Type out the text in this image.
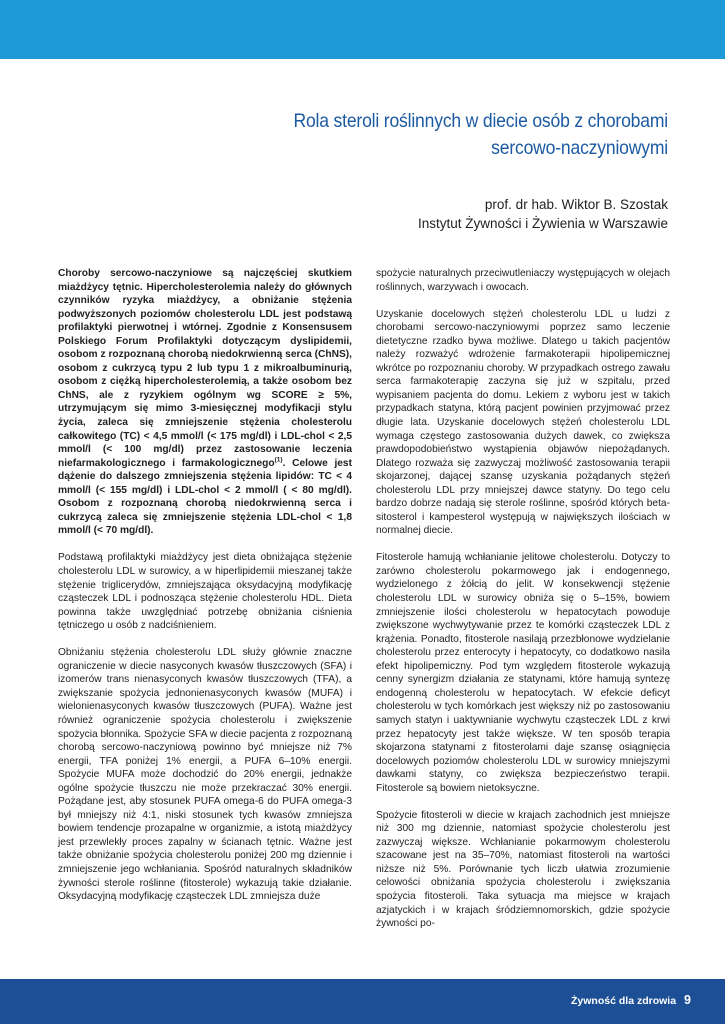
Rola steroli roślinnych w diecie osób z chorobami
sercowo-naczyniowymi
prof. dr hab. Wiktor B. Szostak
Instytut Żywności i Żywienia w Warszawie

Choroby sercowo-naczyniowe są najczęściej skutkiem miażdżycy tętnic. Hipercholesterolemia należy do głównych czynników ryzyka miażdżycy, a obniżanie stężenia podwyższonych poziomów cholesterolu LDL jest podstawą profilaktyki pierwotnej i wtórnej. Zgodnie z Konsensusem Polskiego Forum Profilaktyki dotyczącym dyslipidemii, osobom z rozpoznaną chorobą niedokrwienną serca (ChNS), osobom z cukrzycą typu 2 lub typu 1 z mikroalbuminurią, osobom z ciężką hipercholesterolemią, a także osobom bez ChNS, ale z ryzykiem ogólnym wg SCORE ≥ 5%, utrzymującym się mimo 3-miesięcznej modyfikacji stylu życia, zaleca się zmniejszenie stężenia cholesterolu całkowitego (TC) < 4,5 mmol/l (< 175 mg/dl) i LDL-chol < 2,5 mmol/l (< 100 mg/dl) przez zastosowanie leczenia niefarmakologicznego i farmakologicznego$^{(1)}$. Celowe jest dążenie do dalszego zmniejszenia stężenia lipidów: TC < 4 mmol/l (< 155 mg/dl) i LDL-chol < 2 mmol/l ( < 80 mg/dl). Osobom z rozpoznaną chorobą niedokrwienną serca i cukrzycą zaleca się zmniejszenie stężenia LDL-chol < 1,8 mmol/l (< 70 mg/dl).

Podstawą profilaktyki miażdżycy jest dieta obniżająca stężenie cholesterolu LDL w surowicy, a w hiperlipidemii mieszanej także stężenie triglicerydów, zmniejszająca oksydacyjną modyfikację cząsteczek LDL i podnosząca stężenie cholesterolu HDL. Dieta powinna także uwzględniać potrzebę obniżania ciśnienia tętniczego u osób z nadciśnieniem.

Obniżaniu stężenia cholesterolu LDL służy głównie znaczne ograniczenie w diecie nasyconych kwasów tłuszczowych (SFA) i izomerów trans nienasyconych kwasów tłuszczowych (TFA), a zwiększanie spożycia jednonienasyconych kwasów (MUFA) i wielonienasyconych kwasów tłuszczowych (PUFA). Ważne jest również ograniczenie spożycia cholesterolu i zwiększenie spożycia błonnika. Spożycie SFA w diecie pacjenta z rozpoznaną chorobą sercowo-naczyniową powinno być mniejsze niż 7% energii, TFA poniżej 1% energii, a PUFA 6–10% energii. Spożycie MUFA może dochodzić do 20% energii, jednakże ogólne spożycie tłuszczu nie może przekraczać 30% energii. Pożądane jest, aby stosunek PUFA omega-6 do PUFA omega-3 był mniejszy niż 4:1, niski stosunek tych kwasów zmniejsza bowiem tendencje prozapalne w organizmie, a istotą miażdżycy jest przewlekły proces zapalny w ścianach tętnic. Ważne jest także obniżanie spożycia cholesterolu poniżej 200 mg dziennie i zmniejszenie jego wchłaniania. Spośród naturalnych składników żywności sterole roślinne (fitosterole) wykazują takie działanie. Oksydacyjną modyfikację cząsteczek LDL zmniejsza duże

spożycie naturalnych przeciwutleniaczy występujących w olejach roślinnych, warzywach i owocach.

Uzyskanie docelowych stężeń cholesterolu LDL u ludzi z chorobami sercowo-naczyniowymi poprzez samo leczenie dietetyczne rzadko bywa możliwe. Dlatego u takich pacjentów należy rozważyć wdrożenie farmakoterapii hipolipemicznej wkrótce po rozpoznaniu choroby. W przypadkach ostrego zawału serca farmakoterapię zaczyna się już w szpitalu, przed wypisaniem pacjenta do domu. Lekiem z wyboru jest w takich przypadkach statyna, którą pacjent powinien przyjmować przez długie lata. Uzyskanie docelowych stężeń cholesterolu LDL wymaga częstego zastosowania dużych dawek, co zwiększa prawdopodobieństwo wystąpienia objawów niepożądanych. Dlatego rozważa się zazwyczaj możliwość zastosowania terapii skojarzonej, dającej szansę uzyskania pożądanych stężeń cholesterolu LDL przy mniejszej dawce statyny. Do tego celu bardzo dobrze nadają się sterole roślinne, spośród których beta-sitosterol i kampesterol występują w największych ilościach w normalnej diecie.

Fitosterole hamują wchłanianie jelitowe cholesterolu. Dotyczy to zarówno cholesterolu pokarmowego jak i endogennego, wydzielonego z żółcią do jelit. W konsekwencji stężenie cholesterolu LDL w surowicy obniża się o 5–15%, bowiem zmniejszenie ilości cholesterolu w hepatocytach powoduje zwiększone wychwytywanie przez te komórki cząsteczek LDL z krążenia. Ponadto, fitosterole nasilają przezbłonowe wydzielanie cholesterolu przez enterocyty i hepatocyty, co dodatkowo nasila efekt hipolipemiczny. Pod tym względem fitosterole wykazują cenny synergizm działania ze statynami, które hamują syntezę endogenną cholesterolu w hepatocytach. W efekcie deficyt cholesterolu w tych komórkach jest większy niż po zastosowaniu samych statyn i uaktywnianie wychwytu cząsteczek LDL z krwi przez hepatocyty jest także większe. W ten sposób terapia skojarzona statynami z fitosterolami daje szansę osiągnięcia docelowych poziomów cholesterolu LDL w surowicy mniejszymi dawkami statyny, co zwiększa bezpieczeństwo terapii. Fitosterole są bowiem nietoksyczne.

Spożycie fitosteroli w diecie w krajach zachodnich jest mniejsze niż 300 mg dziennie, natomiast spożycie cholesterolu jest zazwyczaj większe. Wchłanianie pokarmowym cholesterolu szacowane jest na 35–70%, natomiast fitosteroli na wartości niższe niż 5%. Porównanie tych liczb ułatwia zrozumienie celowości obniżania spożycia cholesterolu i zwiększania spożycia fitosteroli. Taka sytuacja ma miejsce w krajach azjatyckich i w krajach śródziemnomorskich, gdzie spożycie żywności po-

Żywność dla zdrowia 9
